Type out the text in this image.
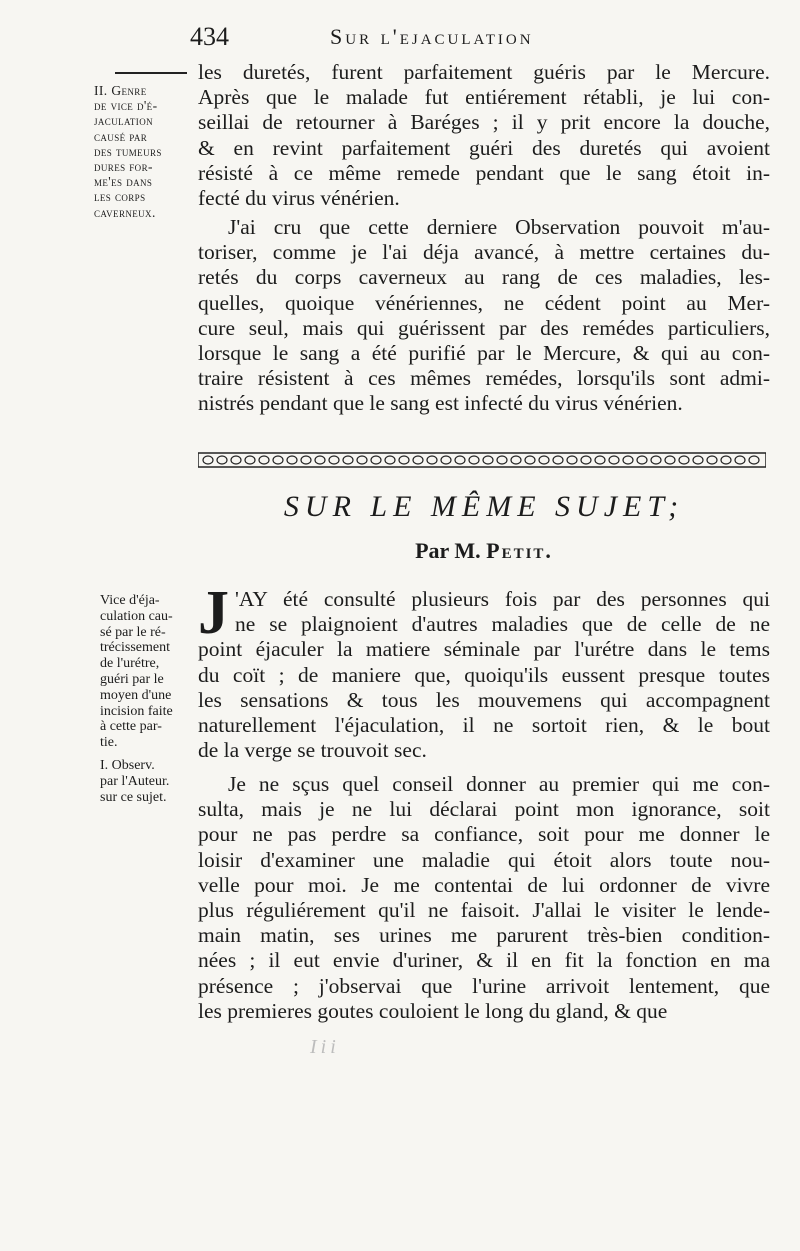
434	Sur l'ejaculation
II. Genre
de vice d'é-
jaculation
causé par
des tumeurs
dures for-
me'es dans
les corps
caverneux.
les duretés, furent parfaitement guéris par le Mercure.
Après que le malade fut entiérement rétabli, je lui con-
seillai de retourner à Baréges ; il y prit encore la douche,
& en revint parfaitement guéri des duretés qui avoient
résisté à ce même remede pendant que le sang étoit in-
fecté du virus vénérien.
J'ai cru que cette derniere Observation pouvoit m'au-
toriser, comme je l'ai déja avancé, à mettre certaines du-
retés du corps caverneux au rang de ces maladies, les-
quelles, quoique vénériennes, ne cédent point au Mer-
cure seul, mais qui guérissent par des remédes particuliers,
lorsque le sang a été purifié par le Mercure, & qui au con-
traire résistent à ces mêmes remédes, lorsqu'ils sont admi-
nistrés pendant que le sang est infecté du virus vénérien.
SUR LE MÊME SUJET;
Par M. Petit.
Vice d'éja-
culation cau-
sé par le ré-
trécissement
de l'urétre,
guéri par le
moyen d'une
incision faite
à cette par-
tie.
I. Observ.
par l'Auteur.
sur ce sujet.
J 'AY été consulté plusieurs fois par des personnes qui
ne se plaignoient d'autres maladies que de celle de ne
point éjaculer la matiere séminale par l'urétre dans le tems
du coït ; de maniere que, quoiqu'ils eussent presque toutes
les sensations & tous les mouvemens qui accompagnent
naturellement l'éjaculation, il ne sortoit rien, & le bout
de la verge se trouvoit sec.
Je ne sçus quel conseil donner au premier qui me con-
sulta, mais je ne lui déclarai point mon ignorance, soit
pour ne pas perdre sa confiance, soit pour me donner le
loisir d'examiner une maladie qui étoit alors toute nou-
velle pour moi. Je me contentai de lui ordonner de vivre
plus réguliérement qu'il ne faisoit. J'allai le visiter le lende-
main matin, ses urines me parurent très-bien condition-
nées ; il eut envie d'uriner, & il en fit la fonction en ma
présence ; j'observai que l'urine arrivoit lentement, que
les premieres goutes couloient le long du gland, & que
Iii
